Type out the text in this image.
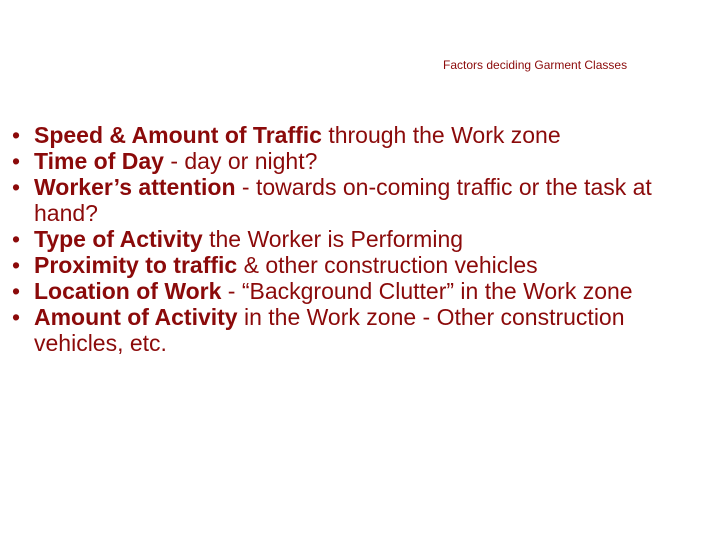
Factors deciding Garment Classes
• Speed & Amount of Traffic through the Work zone
• Time of Day - day or night?
• Worker’s attention - towards on-coming traffic or the task at hand?
• Type of Activity the Worker is Performing
• Proximity to traffic & other construction vehicles
• Location of Work - “Background Clutter” in the Work zone
• Amount of Activity in the Work zone - Other construction vehicles, etc.
